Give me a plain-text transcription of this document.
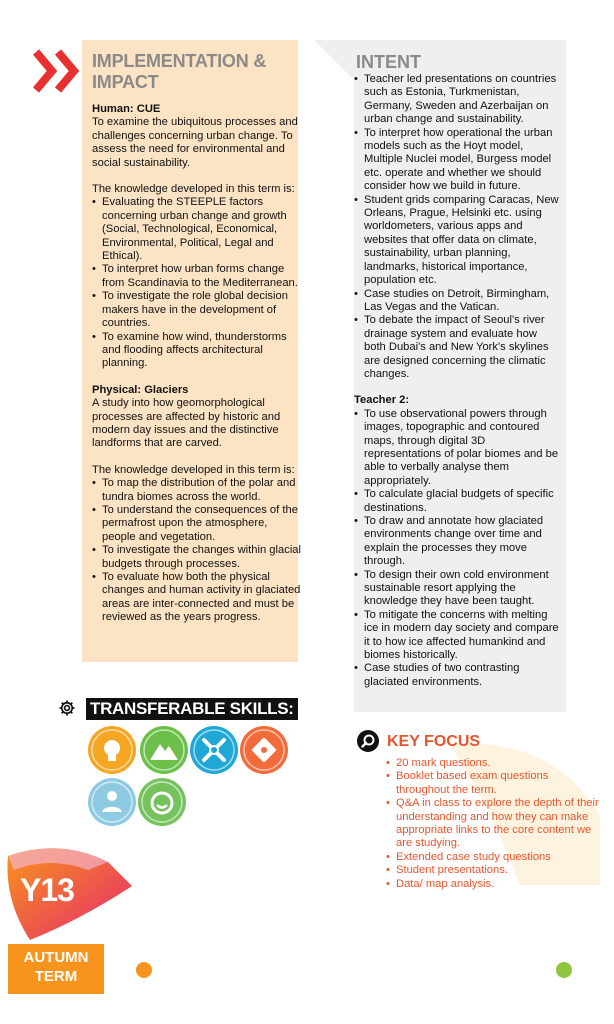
IMPLEMENTATION &
IMPACT

Human: CUE

To examine the ubiquitous processes and challenges concerning urban change. To assess the need for environmental and social sustainability.

The knowledge developed in this term is:

• Evaluating the STEEPLE factors concerning urban change and growth (Social, Technological, Economical, Environmental, Political, Legal and Ethical).
• To interpret how urban forms change from Scandinavia to the Mediterranean.
• To investigate the role global decision makers have in the development of countries.
• To examine how wind, thunderstorms and flooding affects architectural planning.

Physical: Glaciers

A study into how geomorphological processes are affected by historic and modern day issues and the distinctive landforms that are carved.

The knowledge developed in this term is:

• To map the distribution of the polar and tundra biomes across the world.
• To understand the consequences of the permafrost upon the atmosphere, people and vegetation.
• To investigate the changes within glacial budgets through processes.
• To evaluate how both the physical changes and human activity in glaciated areas are inter-connected and must be reviewed as the years progress.
INTENT
• Teacher led presentations on countries such as Estonia, Turkmenistan, Germany, Sweden and Azerbaijan on urban change and sustainability.
• To interpret how operational the urban models such as the Hoyt model, Multiple Nuclei model, Burgess model etc. operate and whether we should consider how we build in future.
• Student grids comparing Caracas, New Orleans, Prague, Helsinki etc. using worldometers, various apps and websites that offer data on climate, sustainability, urban planning, landmarks, historical importance, population etc.
• Case studies on Detroit, Birmingham, Las Vegas and the Vatican.
• To debate the impact of Seoul's river drainage system and evaluate how both Dubai's and New York's skylines are designed concerning the climatic changes.

Teacher 2:

• To use observational powers through images, topographic and contoured maps, through digital 3D representations of polar biomes and be able to verbally analyse them appropriately.
• To calculate glacial budgets of specific destinations.
• To draw and annotate how glaciated environments change over time and explain the processes they move through.
• To design their own cold environment sustainable resort applying the knowledge they have been taught.
• To mitigate the concerns with melting ice in modern day society and compare it to how ice affected humankind and biomes historically.
• Case studies of two contrasting glaciated environments.
TRANSFERABLE SKILLS:
KEY FOCUS
• 20 mark questions.
• Booklet based exam questions throughout the term.
• Q&A in class to explore the depth of their understanding and how they can make appropriate links to the core content we are studying.
• Extended case study questions
• Student presentations.
• Data/ map analysis.
Y13
AUTUMN
TERM
